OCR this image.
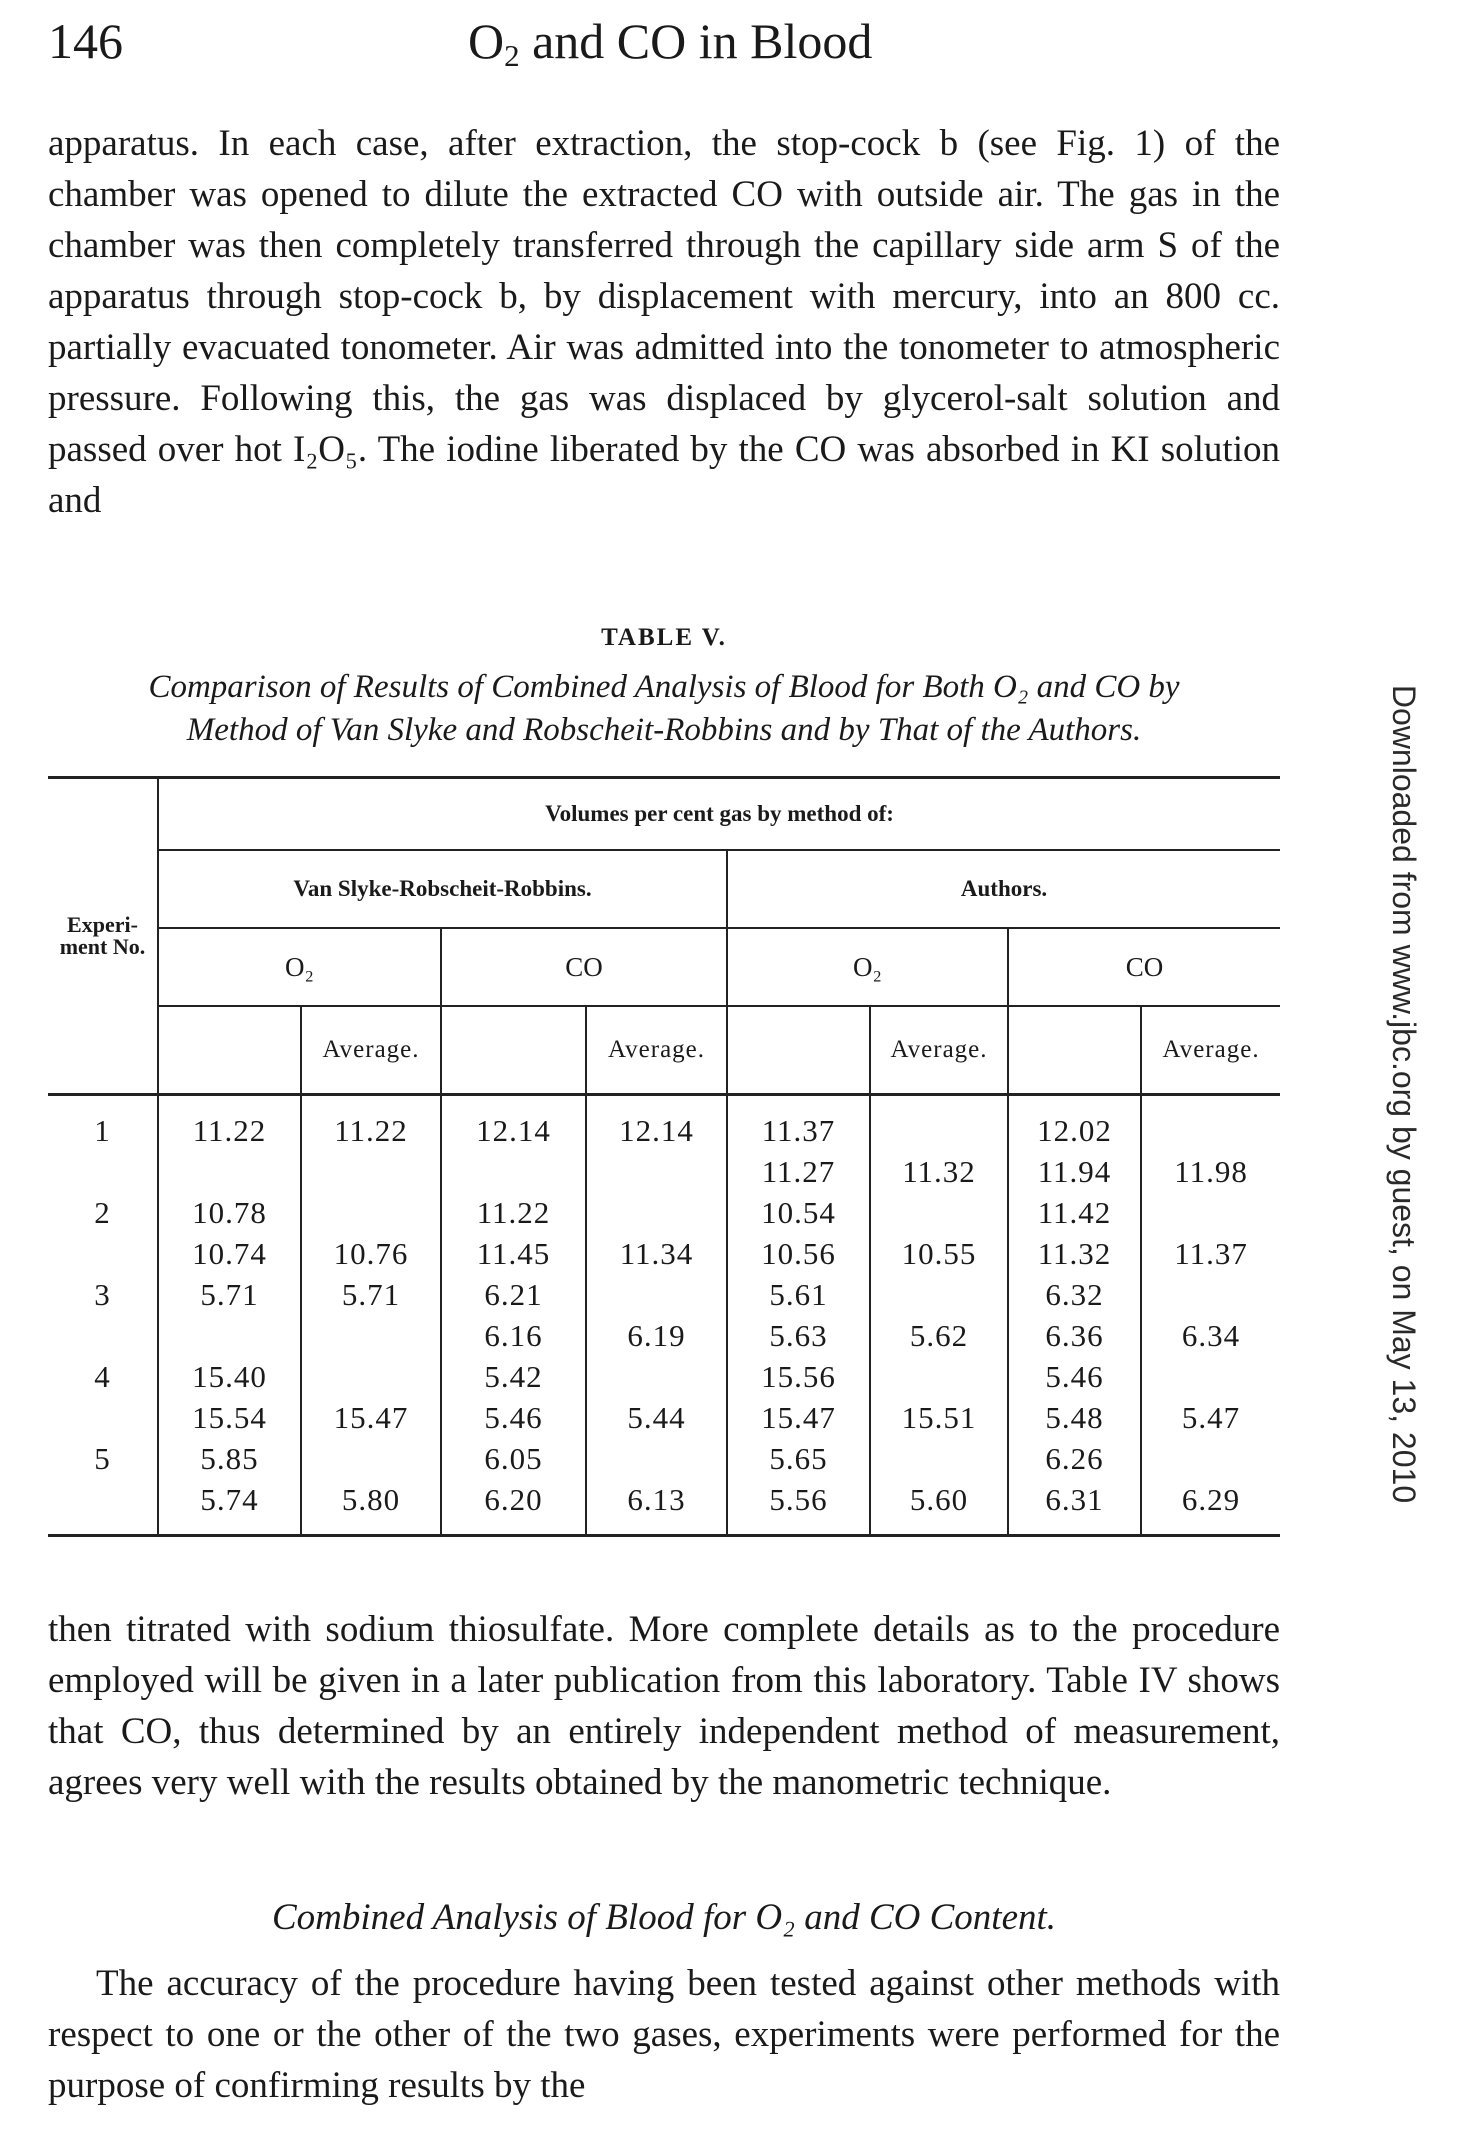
146	$O_2$ and CO in Blood

apparatus. In each case, after extraction, the stop-cock b (see Fig. 1) of the chamber was opened to dilute the extracted CO with outside air. The gas in the chamber was then completely transferred through the capillary side arm S of the apparatus through stop-cock b, by displacement with mercury, into an 800 cc. partially evacuated tonometer. Air was admitted into the tonometer to atmospheric pressure. Following this, the gas was displaced by glycerol-salt solution and passed over hot I₂O₅. The iodine liberated by the CO was absorbed in KI solution and

TABLE V.
Comparison of Results of Combined Analysis of Blood for Both O₂ and CO by
Method of Van Slyke and Robscheit-Robbins and by That of the Authors.
Experi- ment No.	Volumes per cent gas by method of:							
	Van Slyke-Robscheit-Robbins.				Authors.			
	O₂		CO		O₂		CO	
		Average.		Average.		Average.		Average.
1	11.22	11.22	12.14	12.14	11.37		12.02	
					11.27	11.32	11.94	11.98
2	10.78		11.22		10.54		11.42	
	10.74	10.76	11.45	11.34	10.56	10.55	11.32	11.37
3	5.71	5.71	6.21		5.61		6.32	
			6.16	6.19	5.63	5.62	6.36	6.34
4	15.40		5.42		15.56		5.46	
	15.54	15.47	5.46	5.44	15.47	15.51	5.48	5.47
5	5.85		6.05		5.65		6.26	
	5.74	5.80	6.20	6.13	5.56	5.60	6.31	6.29

then titrated with sodium thiosulfate. More complete details as to the procedure employed will be given in a later publication from this laboratory. Table IV shows that CO, thus determined by an entirely independent method of measurement, agrees very well with the results obtained by the manometric technique.

Combined Analysis of Blood for O₂ and CO Content.

The accuracy of the procedure having been tested against other methods with respect to one or the other of the two gases, experiments were performed for the purpose of confirming results by the

Downloaded from www.jbc.org by guest, on May 13, 2010
